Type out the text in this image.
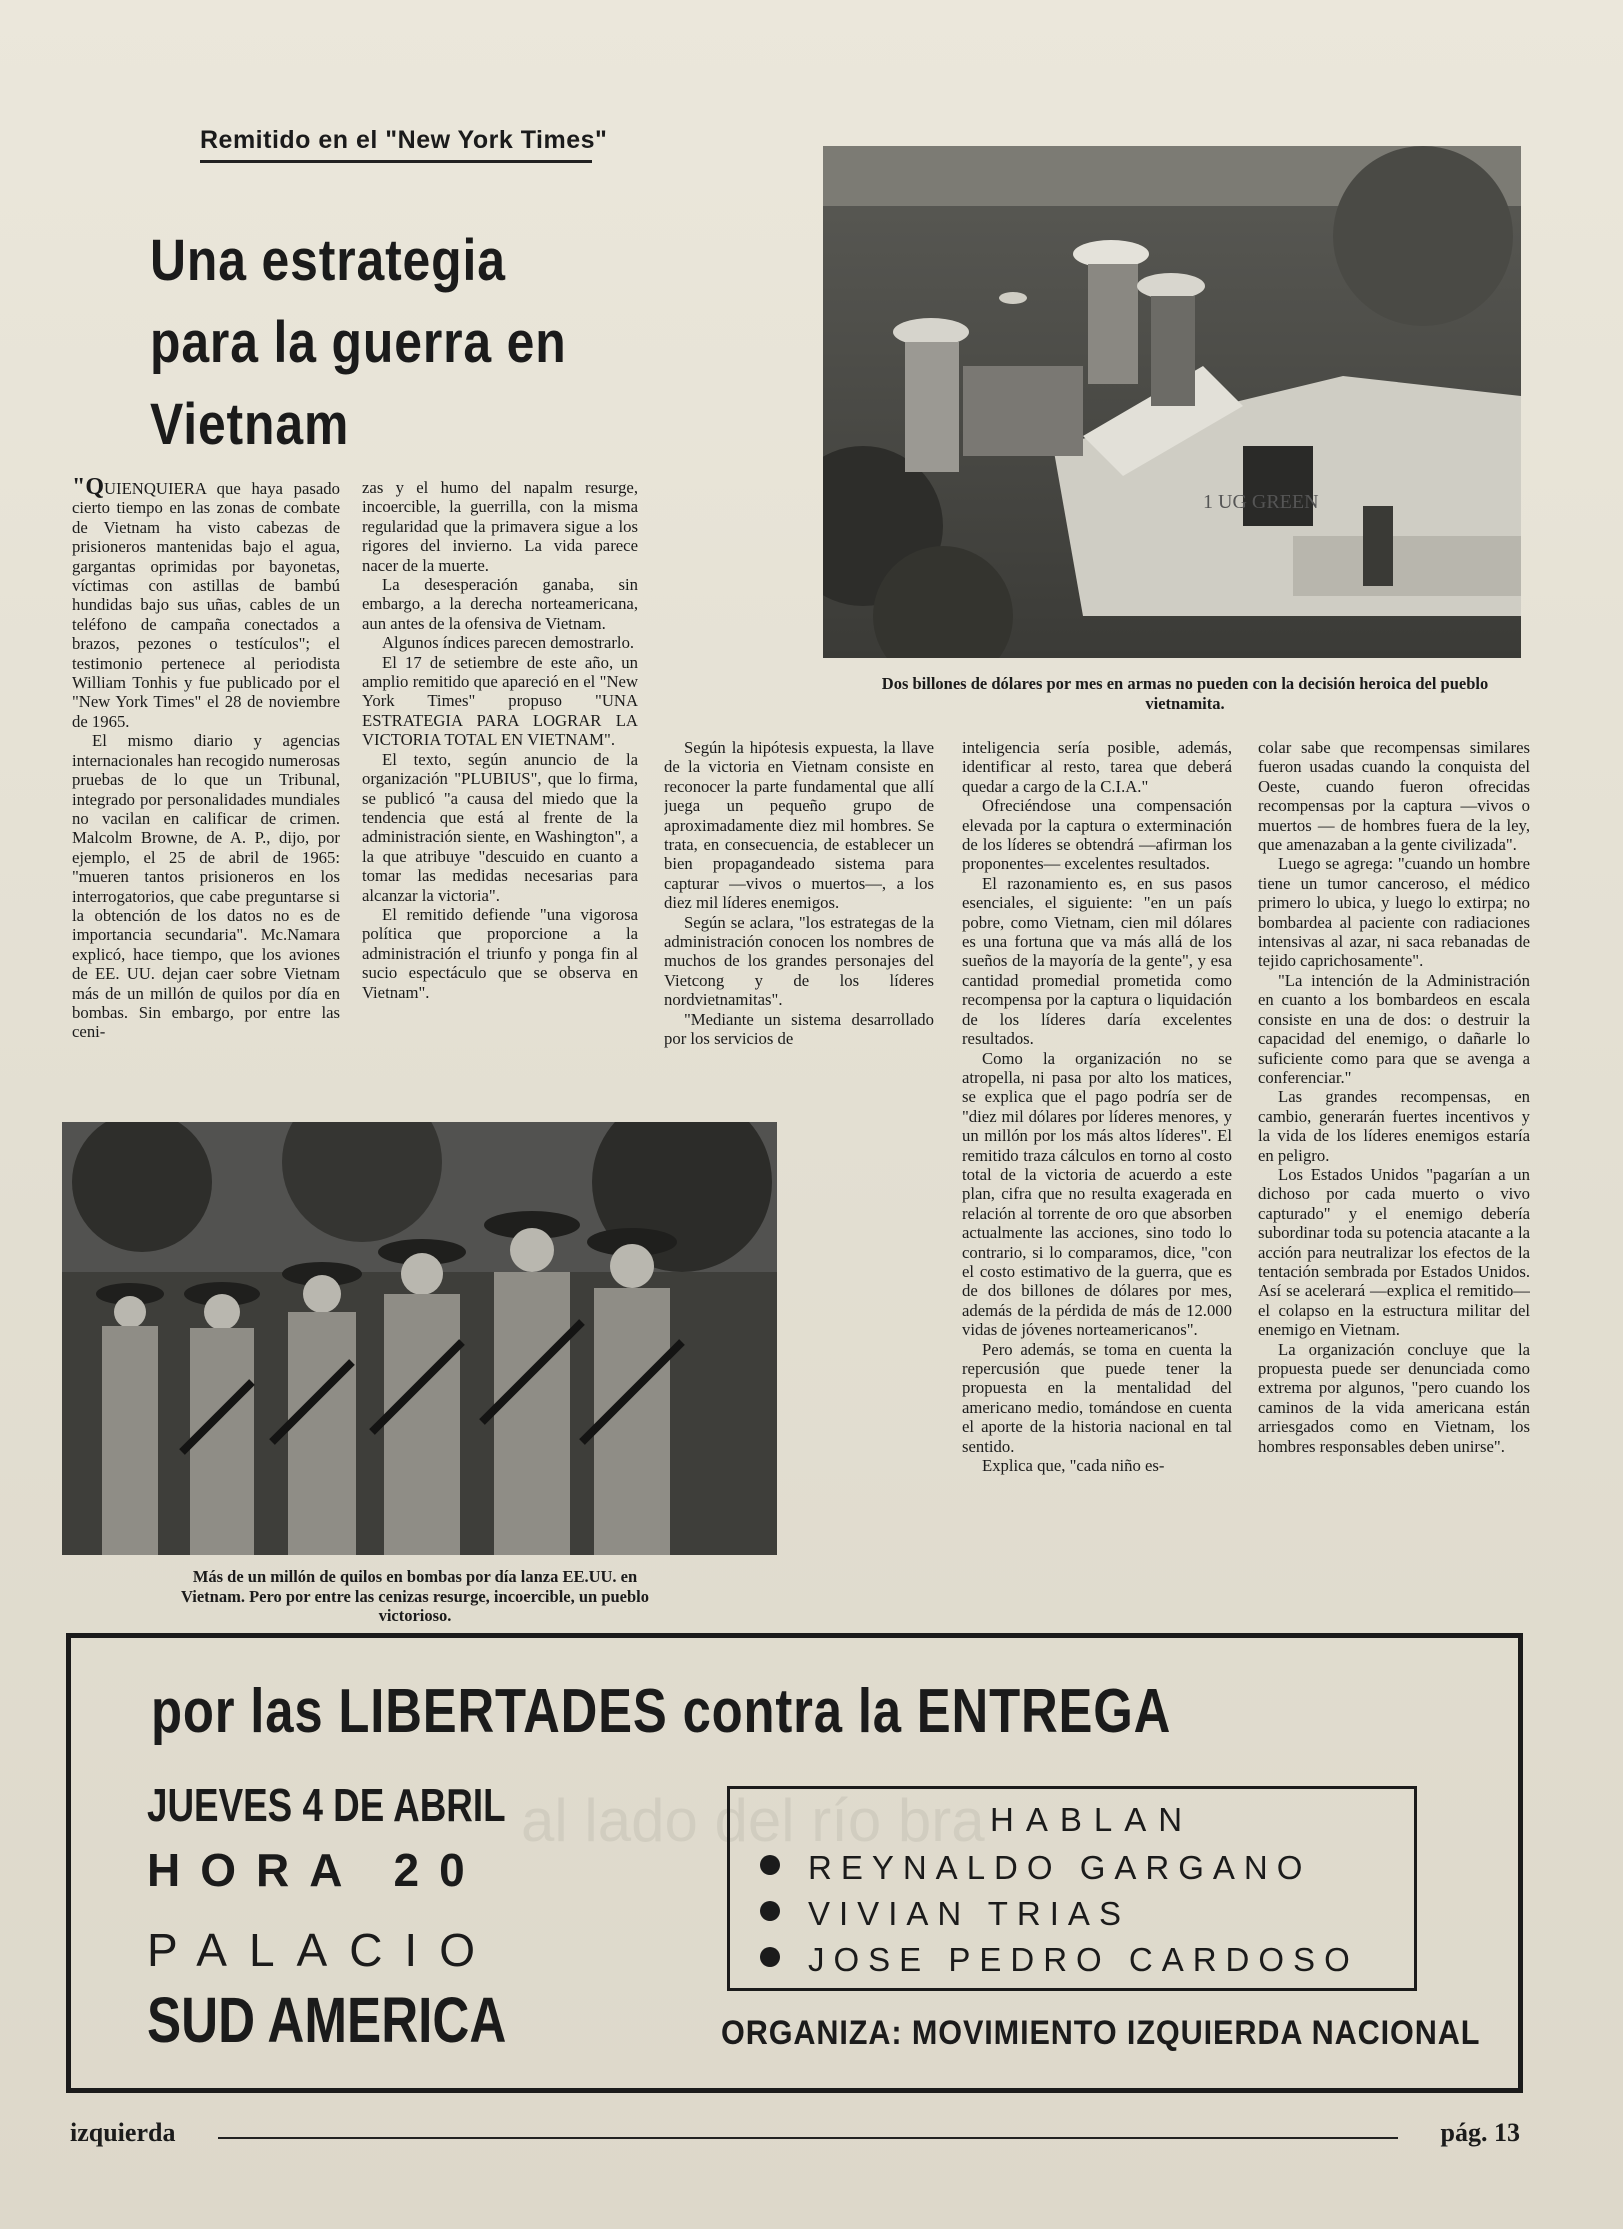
Remitido en el "New York Times"
Una estrategia para la guerra en Vietnam

"QUIENQUIERA que haya pasado cierto tiempo en las zonas de combate de Vietnam ha visto cabezas de prisioneros mantenidas bajo el agua, gargantas oprimidas por bayonetas, víctimas con astillas de bambú hundidas bajo sus uñas, cables de un teléfono de campaña conectados a brazos, pezones o testículos"; el testimonio pertenece al periodista William Tonhis y fue publicado por el "New York Times" el 28 de noviembre de 1965.

El mismo diario y agencias internacionales han recogido numerosas pruebas de lo que un Tribunal, integrado por personalidades mundiales no vacilan en calificar de crimen. Malcolm Browne, de A. P., dijo, por ejemplo, el 25 de abril de 1965: "mueren tantos prisioneros en los interrogatorios, que cabe preguntarse si la obtención de los datos no es de importancia secundaria". Mc.Namara explicó, hace tiempo, que los aviones de EE. UU. dejan caer sobre Vietnam más de un millón de quilos por día en bombas. Sin embargo, por entre las ceni-

zas y el humo del napalm resurge, incoercible, la guerrilla, con la misma regularidad que la primavera sigue a los rigores del invierno. La vida parece nacer de la muerte.

La desesperación ganaba, sin embargo, a la derecha norteamericana, aun antes de la ofensiva de Vietnam.

Algunos índices parecen demostrarlo.

El 17 de setiembre de este año, un amplio remitido que apareció en el "New York Times" propuso "UNA ESTRATEGIA PARA LOGRAR LA VICTORIA TOTAL EN VIETNAM".

El texto, según anuncio de la organización "PLUBIUS", que lo firma, se publicó "a causa del miedo que la tendencia que está al frente de la administración siente, en Washington", a la que atribuye "descuido en cuanto a tomar las medidas necesarias para alcanzar la victoria".

El remitido defiende "una vigorosa política que proporcione a la administración el triunfo y ponga fin al sucio espectáculo que se observa en Vietnam".

Según la hipótesis expuesta, la llave de la victoria en Vietnam consiste en reconocer la parte fundamental que allí juega un pequeño grupo de aproximadamente diez mil hombres. Se trata, en consecuencia, de establecer un bien propagandeado sistema para capturar —vivos o muertos—, a los diez mil líderes enemigos.

Según se aclara, "los estrategas de la administración conocen los nombres de muchos de los grandes personajes del Vietcong y de los líderes nordvietnamitas".

"Mediante un sistema desarrollado por los servicios de

inteligencia sería posible, además, identificar al resto, tarea que deberá quedar a cargo de la C.I.A."

Ofreciéndose una compensación elevada por la captura o exterminación de los líderes se obtendrá —afirman los proponentes— excelentes resultados.

El razonamiento es, en sus pasos esenciales, el siguiente: "en un país pobre, como Vietnam, cien mil dólares es una fortuna que va más allá de los sueños de la mayoría de la gente", y esa cantidad promedial prometida como recompensa por la captura o liquidación de los líderes daría excelentes resultados.

Como la organización no se atropella, ni pasa por alto los matices, se explica que el pago podría ser de "diez mil dólares por líderes menores, y un millón por los más altos líderes". El remitido traza cálculos en torno al costo total de la victoria de acuerdo a este plan, cifra que no resulta exagerada en relación al torrente de oro que absorben actualmente las acciones, sino todo lo contrario, si lo comparamos, dice, "con el costo estimativo de la guerra, que es de dos billones de dólares por mes, además de la pérdida de más de 12.000 vidas de jóvenes norteamericanos".

Pero además, se toma en cuenta la repercusión que puede tener la propuesta en la mentalidad del americano medio, tomándose en cuenta el aporte de la historia nacional en tal sentido.

Explica que, "cada niño es-

colar sabe que recompensas similares fueron usadas cuando la conquista del Oeste, cuando fueron ofrecidas recompensas por la captura —vivos o muertos — de hombres fuera de la ley, que amenazaban a la gente civilizada".

Luego se agrega: "cuando un hombre tiene un tumor canceroso, el médico primero lo ubica, y luego lo extirpa; no bombardea al paciente con radiaciones intensivas al azar, ni saca rebanadas de tejido caprichosamente".

"La intención de la Administración en cuanto a los bombardeos en escala consiste en una de dos: o destruir la capacidad del enemigo, o dañarle lo suficiente como para que se avenga a conferenciar."

Las grandes recompensas, en cambio, generarán fuertes incentivos y la vida de los líderes enemigos estaría en peligro.

Los Estados Unidos "pagarían a un dichoso por cada muerto o vivo capturado" y el enemigo debería subordinar toda su potencia atacante a la acción para neutralizar los efectos de la tentación sembrada por Estados Unidos. Así se acelerará —explica el remitido— el colapso en la estructura militar del enemigo en Vietnam.

La organización concluye que la propuesta puede ser denunciada como extrema por algunos, "pero cuando los caminos de la vida americana están arriesgados como en Vietnam, los hombres responsables deben unirse".

1 UG GREEN
Dos billones de dólares por mes en armas no pueden con la decisión heroica del pueblo vietnamita.
Más de un millón de quilos en bombas por día lanza EE.UU. en Vietnam. Pero por entre las cenizas resurge, incoercible, un pueblo victorioso.
por las LIBERTADES contra la ENTREGA
JUEVES 4 DE ABRIL
HORA 20
PALACIO
SUD AMERICA
al lado del río bra HABLAN
REYNALDO GARGANO
VIVIAN TRIAS
JOSE PEDRO CARDOSO
ORGANIZA: MOVIMIENTO IZQUIERDA NACIONAL
izquierda	pág. 13
